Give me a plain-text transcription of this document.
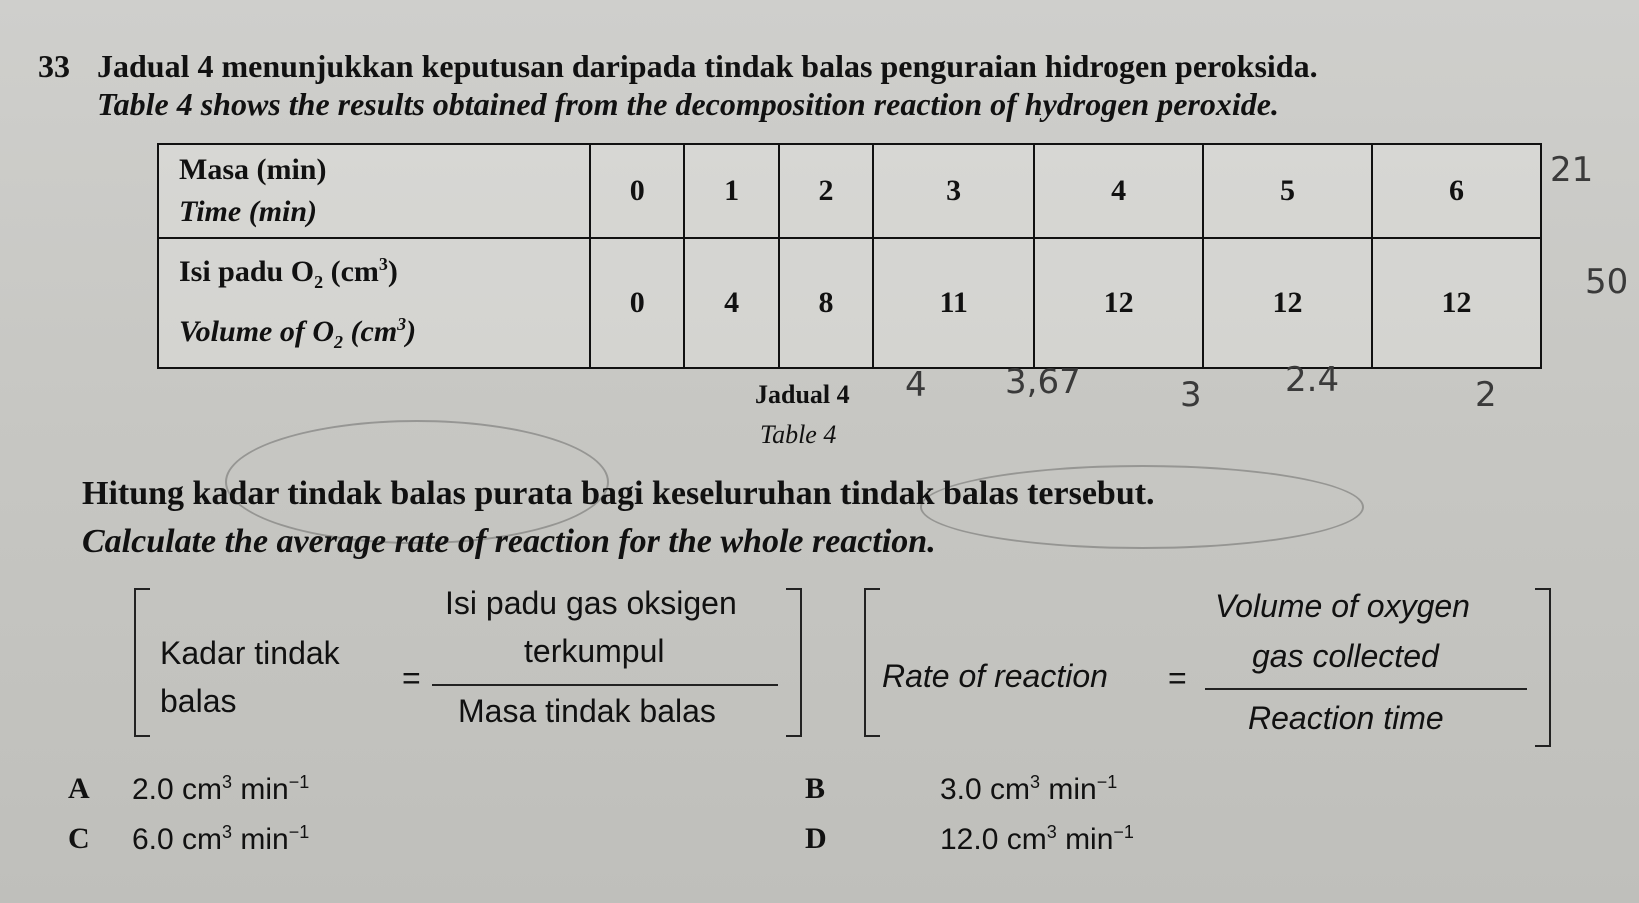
33 Jadual 4 menunjukkan keputusan daripada tindak balas penguraian hidrogen peroksida.
Table 4 shows the results obtained from the decomposition reaction of hydrogen peroxide.
Masa (min)
Time (min)	0	1	2	3	4	5	6

Isi padu $O_2$ $(cm^3)$
Volume of $O_2$ $(cm^3)$	0	4	8	11	12	12	12
21
50
4 3,67	3 2.4	2
Jadual 4
Table 4
Hitung kadar tindak balas purata bagi keseluruhan tindak balas tersebut.
Calculate the average rate of reaction for the whole reaction.
Kadar tindak
balas
=
Isi padu gas oksigen
terkumpul
Masa tindak balas
Rate of reaction =
Volume of oxygen
gas collected
Reaction time
A 2.0 $cm^3$ $\min^{-1}$	B	3.0 $cm^3$ $\min^{-1}$
C 6.0 $cm^3$ $\min^{-1}$	D	12.0 $cm^3$ $\min^{-1}$
